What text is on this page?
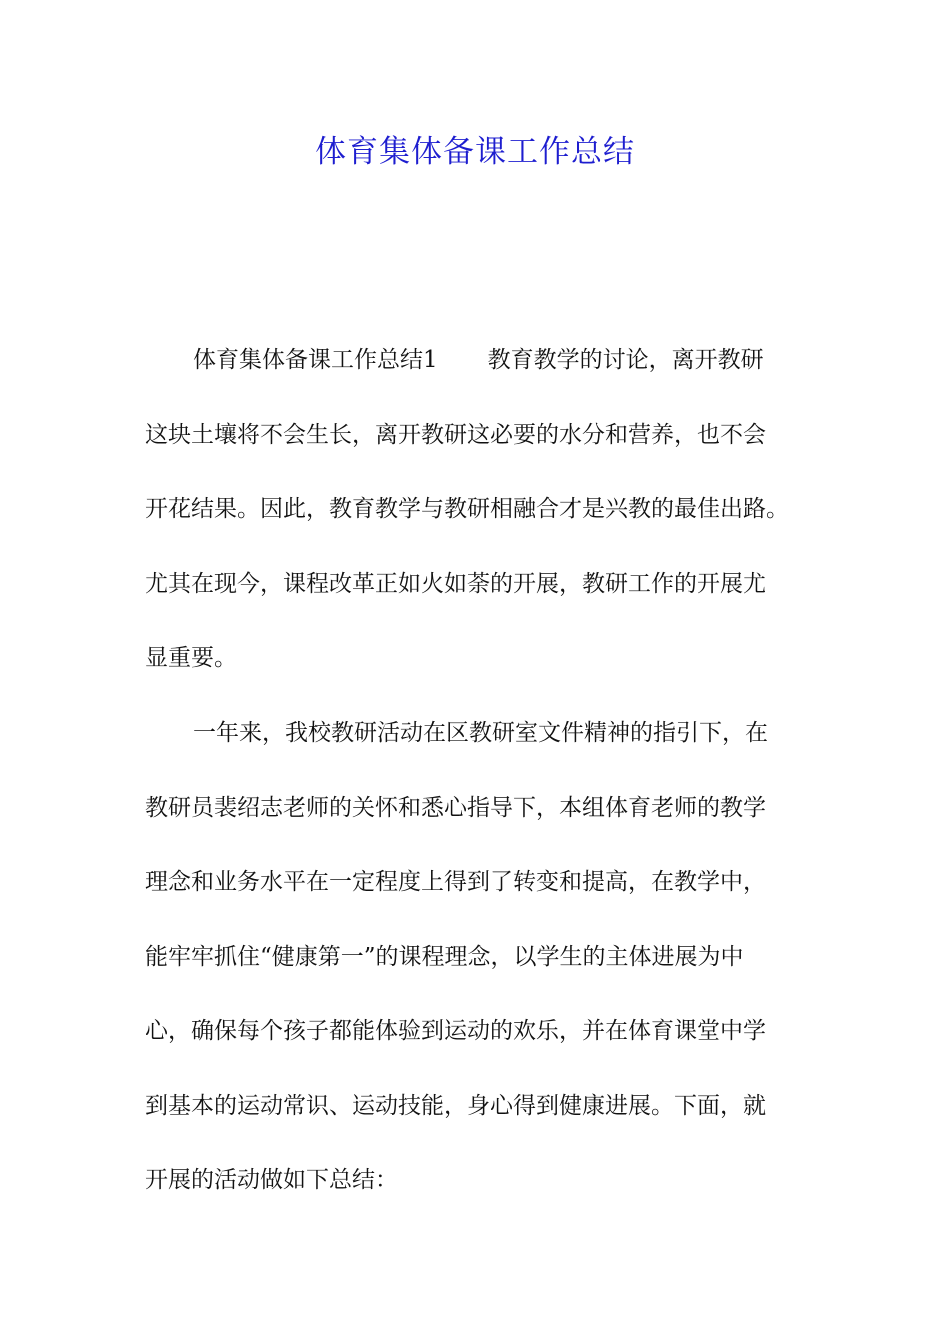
体育集体备课工作总结
体育集体备课工作总结1 教育教学的讨论，离开教研
这块土壤将不会生长，离开教研这必要的水分和营养，也不会
开花结果。因此，教育教学与教研相融合才是兴教的最佳出路。
尤其在现今，课程改革正如火如荼的开展，教研工作的开展尤
显重要。
一年来，我校教研活动在区教研室文件精神的指引下，在
教研员裴绍志老师的关怀和悉心指导下，本组体育老师的教学
理念和业务水平在一定程度上得到了转变和提高，在教学中，
能牢牢抓住“健康第一”的课程理念，以学生的主体进展为中
心，确保每个孩子都能体验到运动的欢乐，并在体育课堂中学
到基本的运动常识、运动技能，身心得到健康进展。下面，就
开展的活动做如下总结：
